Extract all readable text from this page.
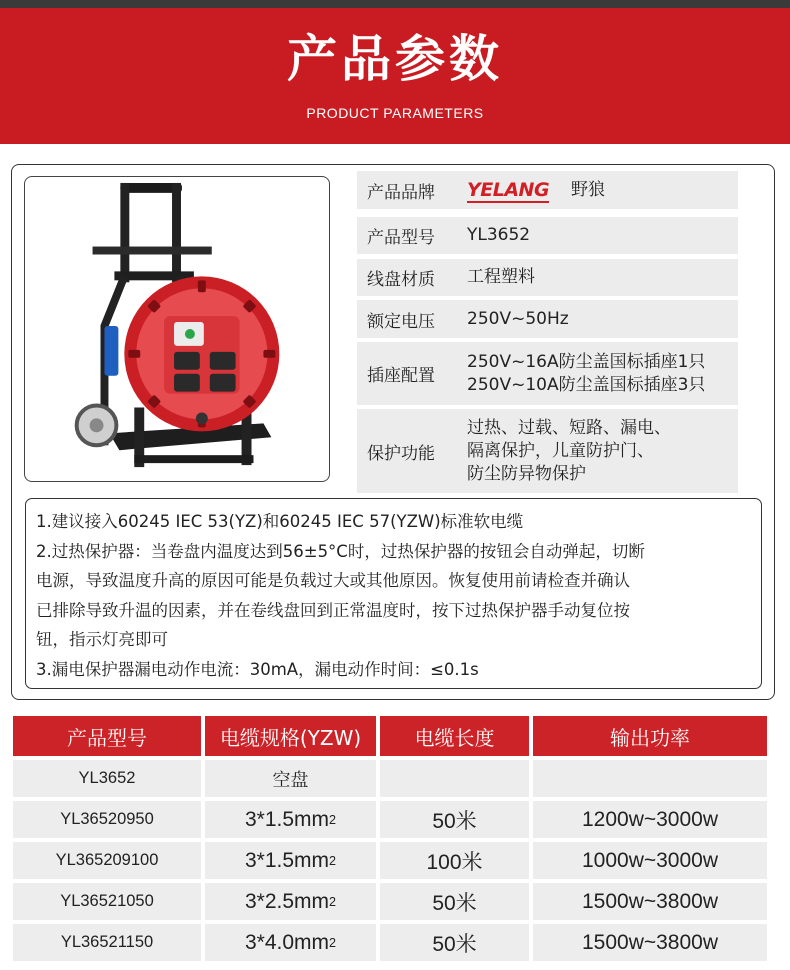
产品参数
PRODUCT PARAMETERS
产品品牌 YELANG 野狼
产品型号 YL3652
线盘材质 工程塑料
额定电压 250V~50Hz
插座配置
250V~16A防尘盖国标插座1只
250V~10A防尘盖国标插座3只
保护功能
过热、过载、短路、漏电、
隔离保护，儿童防护门、
防尘防异物保护

1.建议接入60245 IEC 53(YZ)和60245 IEC 57(YZW)标准软电缆

2.过热保护器：当卷盘内温度达到56±5°C时，过热保护器的按钮会自动弹起，切断

电源，导致温度升高的原因可能是负载过大或其他原因。恢复使用前请检查并确认

已排除导致升温的因素，并在卷线盘回到正常温度时，按下过热保护器手动复位按

钮，指示灯亮即可

3.漏电保护器漏电动作电流：30mA，漏电动作时间：≤0.1s

产品型号	电缆规格(YZW)	电缆长度	输出功率
YL3652	空盘
YL36520950	3*1.5mm 2	50米	1200w~3000w
YL365209100	3*1.5mm 2	100米	1000w~3000w
YL36521050	3*2.5mm 2	50米	1500w~3800w
YL36521150	3*4.0mm 2	50米	1500w~3800w
